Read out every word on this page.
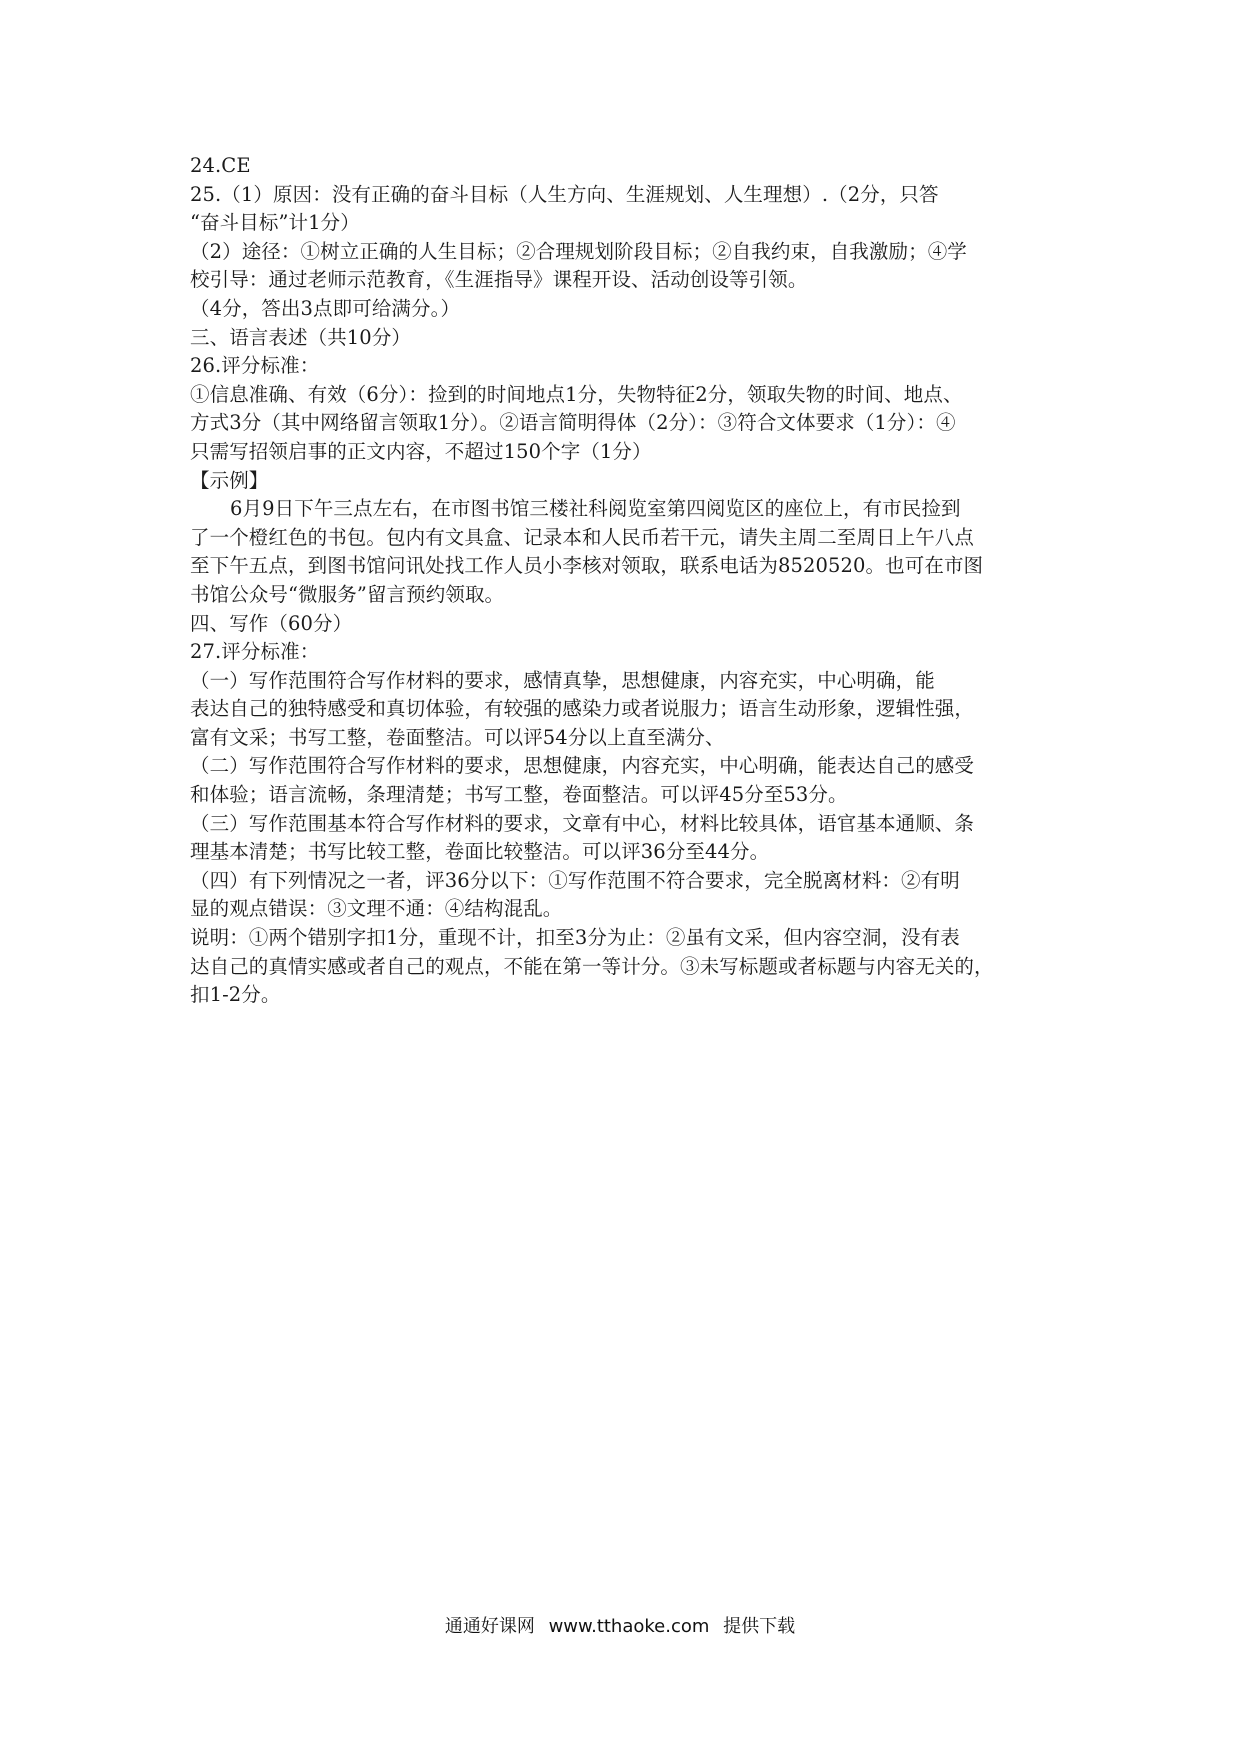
24.CE
25.（1）原因：没有正确的奋斗目标（人生方向、生涯规划、人生理想）.（2分，只答
“奋斗目标”计1分）
（2）途径：①树立正确的人生目标；②合理规划阶段目标；②自我约束，自我激励；④学
校引导：通过老师示范教育，《生涯指导》课程开设、活动创设等引领。
（4分，答出3点即可给满分。）
三、语言表述（共10分）
26.评分标准：
①信息准确、有效（6分）：捡到的时间地点1分，失物特征2分，领取失物的时间、地点、
方式3分（其中网络留言领取1分）。②语言简明得体（2分）：③符合文体要求（1分）：④
只需写招领启事的正文内容，不超过150个字（1分）
【示例】
6月9日下午三点左右，在市图书馆三楼社科阅览室第四阅览区的座位上，有市民捡到
了一个橙红色的书包。包内有文具盒、记录本和人民币若干元，请失主周二至周日上午八点
至下午五点，到图书馆问讯处找工作人员小李核对领取，联系电话为8520520。也可在市图
书馆公众号“微服务”留言预约领取。
四、写作（60分）
27.评分标准：
（一）写作范围符合写作材料的要求，感情真挚，思想健康，内容充实，中心明确，能
表达自己的独特感受和真切体验，有较强的感染力或者说服力；语言生动形象，逻辑性强，
富有文采；书写工整，卷面整洁。可以评54分以上直至满分、
（二）写作范围符合写作材料的要求，思想健康，内容充实，中心明确，能表达自己的感受
和体验；语言流畅，条理清楚；书写工整，卷面整洁。可以评45分至53分。
（三）写作范围基本符合写作材料的要求，文章有中心，材料比较具体，语官基本通顺、条
理基本清楚；书写比较工整，卷面比较整洁。可以评36分至44分。
（四）有下列情况之一者，评36分以下：①写作范围不符合要求，完全脱离材料：②有明
显的观点错误：③文理不通：④结构混乱。
说明：①两个错别字扣1分，重现不计，扣至3分为止：②虽有文采，但内容空洞，没有表
达自己的真情实感或者自己的观点，不能在第一等计分。③未写标题或者标题与内容无关的，
扣1-2分。
通通好课网 www.tthaoke.com 提供下载
